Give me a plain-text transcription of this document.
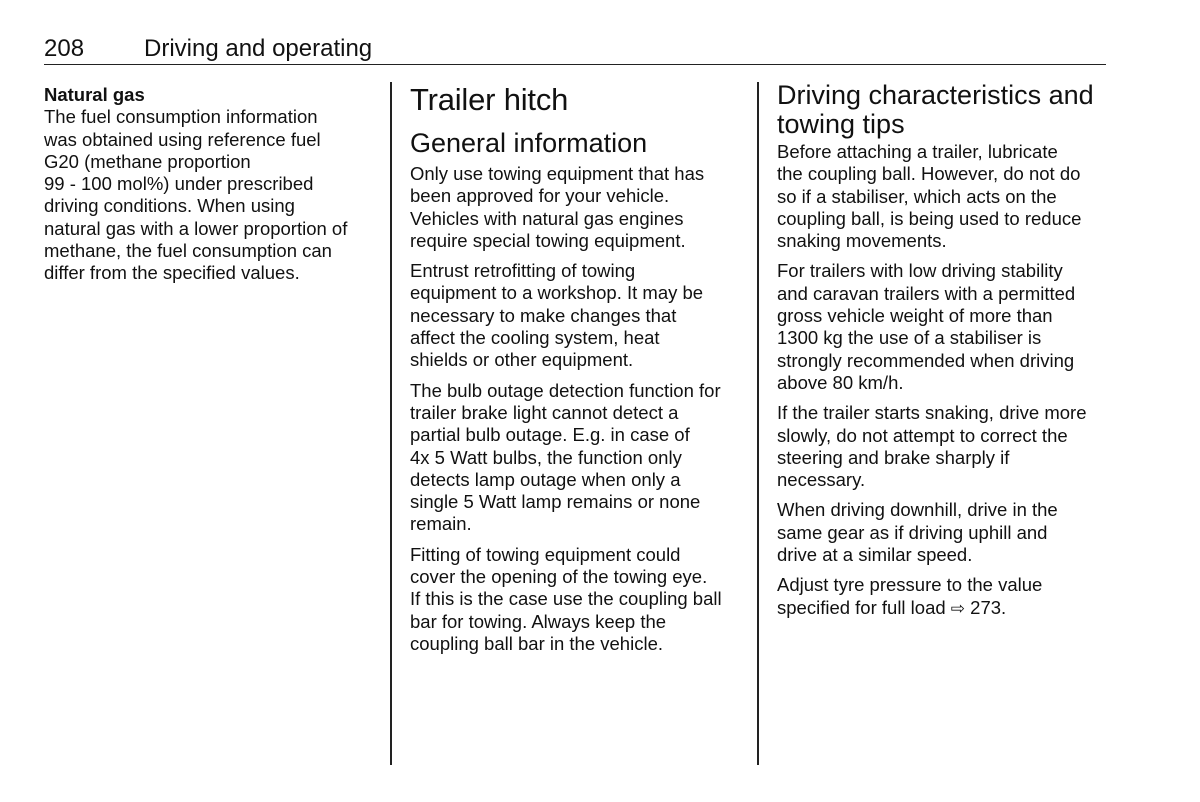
208 Driving and operating
Natural gas

The fuel consumption information
was obtained using reference fuel
G20 (methane proportion
99 - 100 mol%) under prescribed
driving conditions. When using
natural gas with a lower proportion of
methane, the fuel consumption can
differ from the specified values.

Trailer hitch
General information

Only use towing equipment that has
been approved for your vehicle.
Vehicles with natural gas engines
require special towing equipment.

Entrust retrofitting of towing
equipment to a workshop. It may be
necessary to make changes that
affect the cooling system, heat
shields or other equipment.

The bulb outage detection function for
trailer brake light cannot detect a
partial bulb outage. E.g. in case of
4x 5 Watt bulbs, the function only
detects lamp outage when only a
single 5 Watt lamp remains or none
remain.

Fitting of towing equipment could
cover the opening of the towing eye.
If this is the case use the coupling ball
bar for towing. Always keep the
coupling ball bar in the vehicle.

Driving characteristics and
towing tips

Before attaching a trailer, lubricate
the coupling ball. However, do not do
so if a stabiliser, which acts on the
coupling ball, is being used to reduce
snaking movements.

For trailers with low driving stability
and caravan trailers with a permitted
gross vehicle weight of more than
1300 kg the use of a stabiliser is
strongly recommended when driving
above 80 km/h.

If the trailer starts snaking, drive more
slowly, do not attempt to correct the
steering and brake sharply if
necessary.

When driving downhill, drive in the
same gear as if driving uphill and
drive at a similar speed.

Adjust tyre pressure to the value
specified for full load ⇨ 273.
